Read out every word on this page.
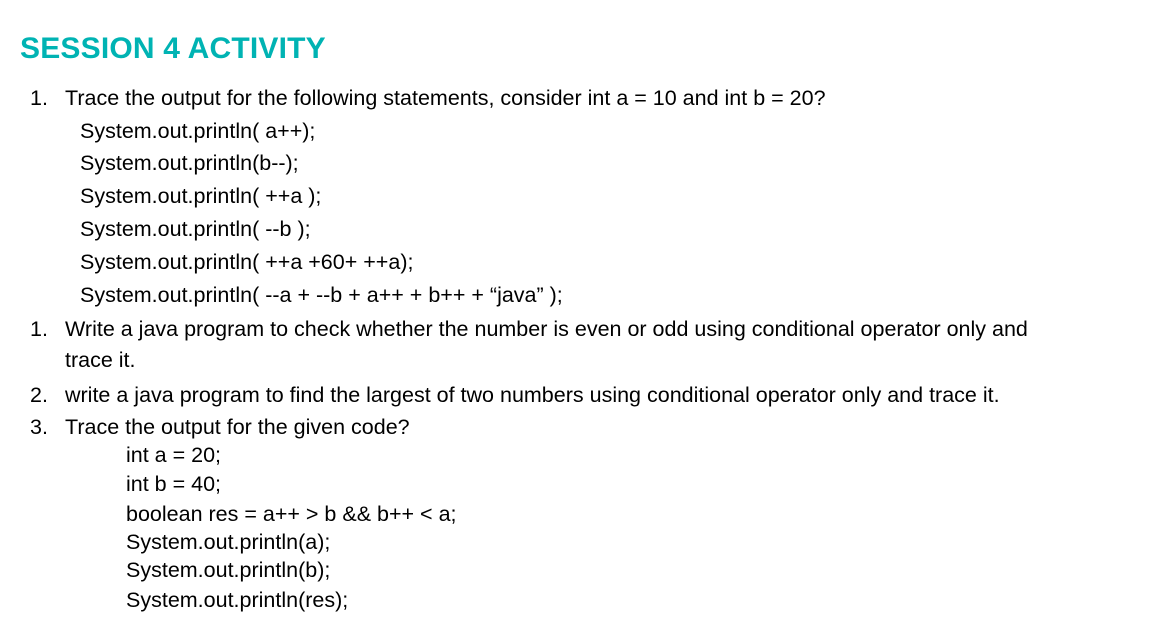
SESSION 4 ACTIVITY
1. Trace the output for the following statements, consider int a = 10 and int b = 20?
System.out.println( a++);
System.out.println(b--);
System.out.println( ++a );
System.out.println( --b );
System.out.println( ++a +60+ ++a);
System.out.println( --a + --b + a++ + b++ + “java” );
1. Write a java program to check whether the number is even or odd using conditional operator only and
trace it.
2. write a java program to find the largest of two numbers using conditional operator only and trace it.
3. Trace the output for the given code?
int a = 20;
int b = 40;
boolean res = a++ > b && b++ < a;
System.out.println(a);
System.out.println(b);
System.out.println(res);
